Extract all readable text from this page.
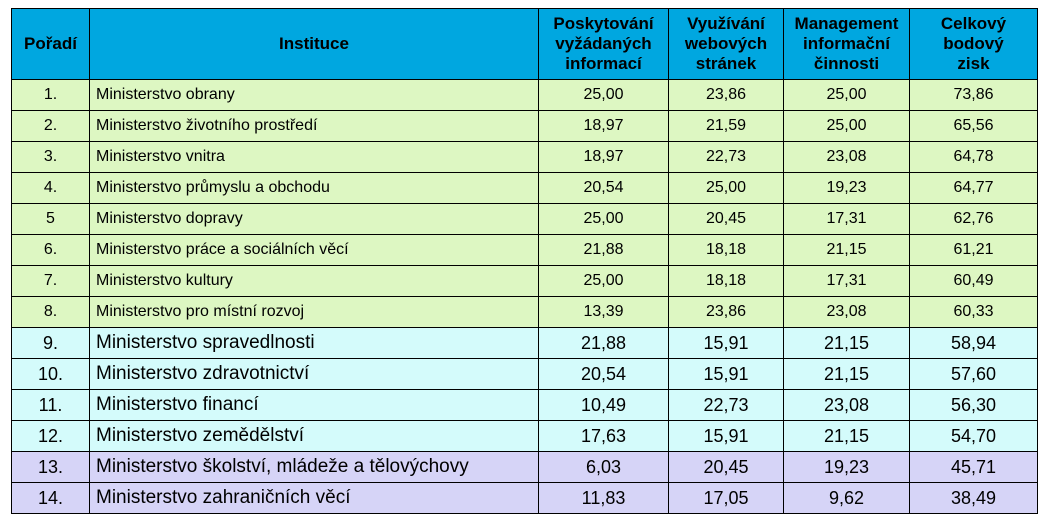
Pořadí	Instituce	Poskytování
vyžádaných
informací	Využívání
webových
stránek	Management
informační
činnosti	Celkový
bodový
zisk

1.	Ministerstvo obrany	25,00	23,86	25,00	73,86
2.	Ministerstvo životního prostředí	18,97	21,59	25,00	65,56
3.	Ministerstvo vnitra	18,97	22,73	23,08	64,78
4.	Ministerstvo průmyslu a obchodu	20,54	25,00	19,23	64,77
5	Ministerstvo dopravy	25,00	20,45	17,31	62,76
6.	Ministerstvo práce a sociálních věcí	21,88	18,18	21,15	61,21
7.	Ministerstvo kultury	25,00	18,18	17,31	60,49
8.	Ministerstvo pro místní rozvoj	13,39	23,86	23,08	60,33
9.	Ministerstvo spravedlnosti	21,88	15,91	21,15	58,94
10.	Ministerstvo zdravotnictví	20,54	15,91	21,15	57,60
11.	Ministerstvo financí	10,49	22,73	23,08	56,30
12.	Ministerstvo zemědělství	17,63	15,91	21,15	54,70
13.	Ministerstvo školství, mládeže a tělovýchovy	6,03	20,45	19,23	45,71
14.	Ministerstvo zahraničních věcí	11,83	17,05	9,62	38,49
